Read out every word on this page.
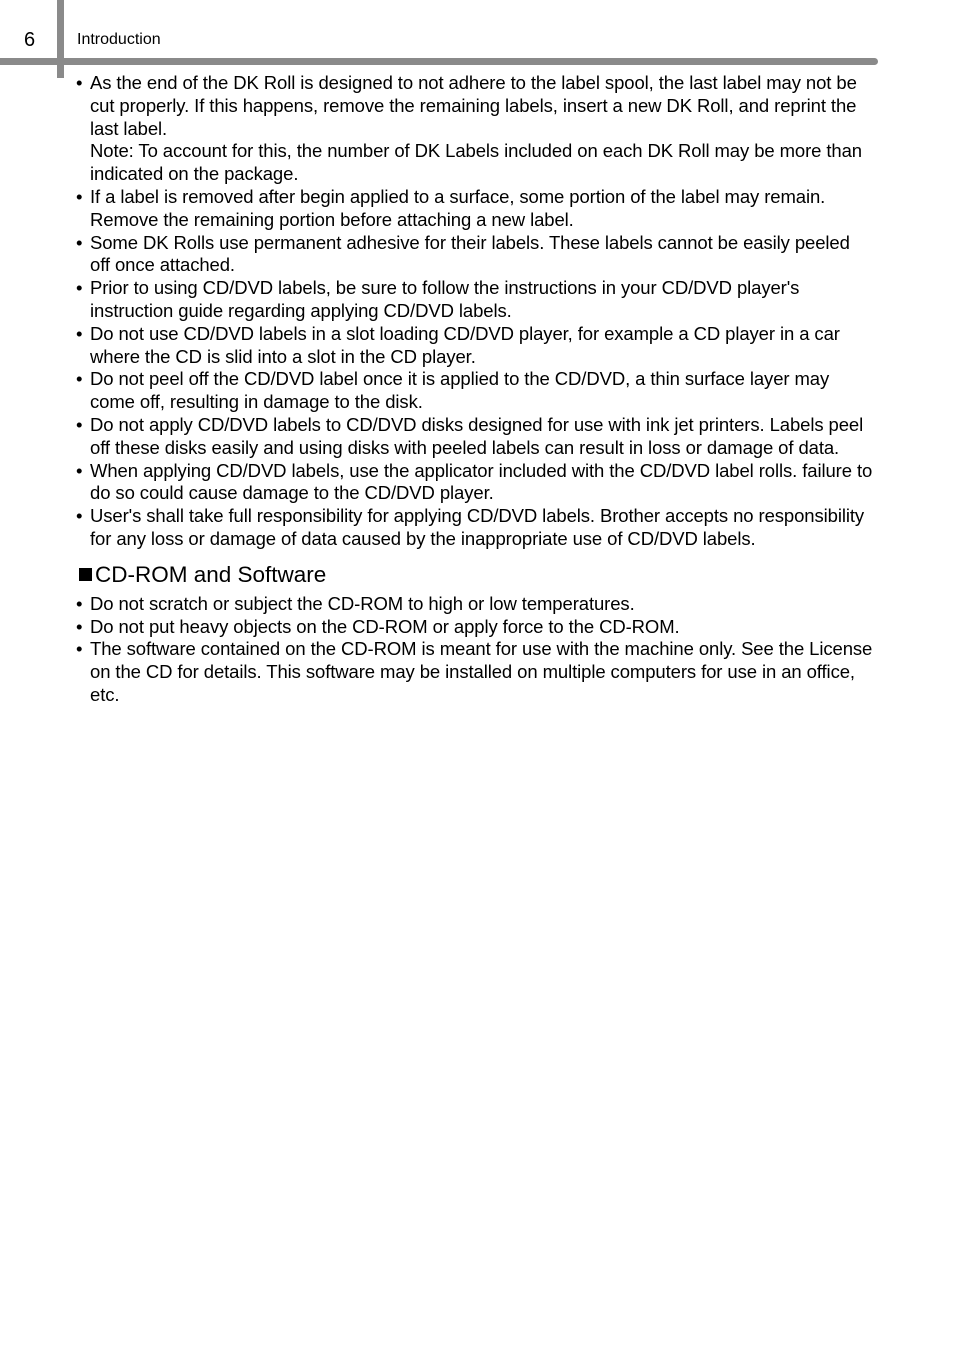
6	Introduction
• As the end of the DK Roll is designed to not adhere to the label spool, the last label may not be cut properly. If this happens, remove the remaining labels, insert a new DK Roll, and reprint the last label.
Note: To account for this, the number of DK Labels included on each DK Roll may be more than indicated on the package.
• If a label is removed after begin applied to a surface, some portion of the label may remain. Remove the remaining portion before attaching a new label.
• Some DK Rolls use permanent adhesive for their labels. These labels cannot be easily peeled off once attached.
• Prior to using CD/DVD labels, be sure to follow the instructions in your CD/DVD player's instruction guide regarding applying CD/DVD labels.
• Do not use CD/DVD labels in a slot loading CD/DVD player, for example a CD player in a car where the CD is slid into a slot in the CD player.
• Do not peel off the CD/DVD label once it is applied to the CD/DVD, a thin surface layer may come off, resulting in damage to the disk.
• Do not apply CD/DVD labels to CD/DVD disks designed for use with ink jet printers. Labels peel off these disks easily and using disks with peeled labels can result in loss or damage of data.
• When applying CD/DVD labels, use the applicator included with the CD/DVD label rolls. failure to do so could cause damage to the CD/DVD player.
• User's shall take full responsibility for applying CD/DVD labels. Brother accepts no responsibility for any loss or damage of data caused by the inappropriate use of CD/DVD labels.
CD-ROM and Software
• Do not scratch or subject the CD-ROM to high or low temperatures.
• Do not put heavy objects on the CD-ROM or apply force to the CD-ROM.
• The software contained on the CD-ROM is meant for use with the machine only. See the License on the CD for details. This software may be installed on multiple computers for use in an office, etc.
